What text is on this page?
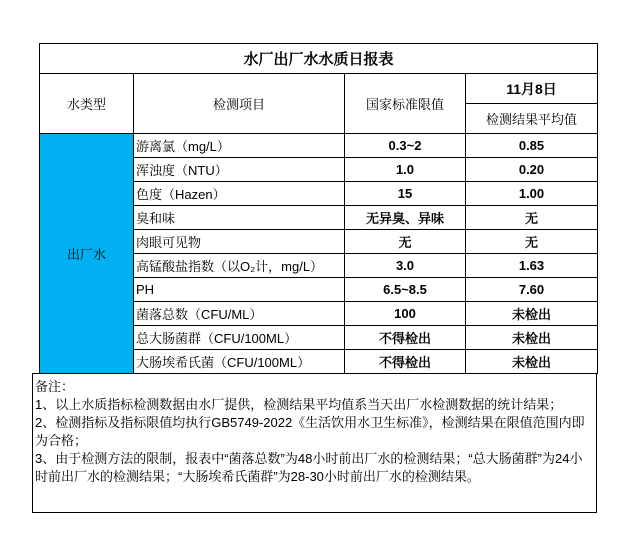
水厂出厂水水质日报表			
水类型	检测项目	国家标准限值	11月8日
			检测结果平均值
出厂水	游离氯（mg/L）	0.3~2	0.85
	浑浊度（NTU）	1.0	0.20
	色度（Hazen）	15	1.00
	臭和味	无异臭、异味	无
	肉眼可见物	无	无
	高锰酸盐指数（以O₂计，mg/L）	3.0	1.63
	PH	6.5~8.5	7.60
	菌落总数（CFU/ML）	100	未检出
	总大肠菌群（CFU/100ML）	不得检出	未检出
	大肠埃希氏菌（CFU/100ML）	不得检出	未检出

备注：

1、以上水质指标检测数据由水厂提供，检测结果平均值系当天出厂水检测数据的统计结果；

2、检测指标及指标限值均执行GB5749-2022《生活饮用水卫生标准》，检测结果在限值范围内即为合格；

3、由于检测方法的限制，报表中“菌落总数”为48小时前出厂水的检测结果；“总大肠菌群”为24小时前出厂水的检测结果；“大肠埃希氏菌群”为28-30小时前出厂水的检测结果。
